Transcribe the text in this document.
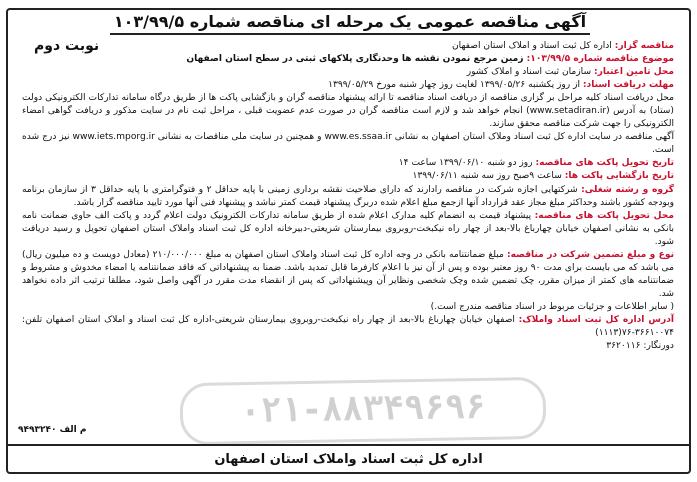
آگهی مناقصه عمومی یک مرحله ای مناقصه شماره ۱۰۳/۹۹/۵
نوبت دوم
۰۲۱-۸۸۳۴۹۶۹۶

مناقصه گزار: اداره کل ثبت اسناد و املاک استان اصفهان

موضوع مناقصه شماره ۱۰۳/۹۹/۵: زمین مرجع نمودن نقشه ها وحدنگاری پلاکهای ثبتی در سطح استان اصفهان

محل تامین اعتبار: سازمان ثبت اسناد و املاک کشور

مهلت دریافت اسناد: از روز یکشنبه ۱۳۹۹/۰۵/۲۶ لغایت روز چهار شنبه مورخ ۱۳۹۹/۰۵/۲۹

محل دریافت اسناد کلیه مراحل بر گزاری مناقصه از دریافت اسناد مناقصه تا ارائه پیشنهاد مناقصه گران و بازگشایی پاکت ها از طریق درگاه سامانه تدارکات الکترونیکی دولت (ستاد) به آدرس (www.setadiran.ir) انجام خواهد شد و لازم است مناقصه گران در صورت عدم عضویت قبلی ، مراحل ثبت نام در سایت مذکور و دریافت گواهی امضاء الکترونیکی را جهت شرکت مناقصه محقق سازند.

آگهی مناقصه در سایت اداره کل ثبت اسناد وملاک استان اصفهان به نشانی www.es.ssaa.ir و همچنین در سایت ملی مناقصات به نشانی www.iets.mporg.ir نیز درج شده است.

تاریخ تحویل پاکت های مناقصه: روز دو شنبه ۱۳۹۹/۰۶/۱۰ ساعت ۱۴

تاریخ بازگشایی پاکت ها: ساعت ۹صبح روز سه شنبه ۱۳۹۹/۰۶/۱۱

گروه و رشته شغلی: شرکتهایی اجازه شرکت در مناقصه رادارند که دارای صلاحیت نقشه برداری زمینی با پایه حداقل ۲ و فتوگرامتری با پایه حداقل ۳ از سازمان برنامه وبودجه کشور باشند وحداکثر مبلغ مجاز عقد قرارداد آنها ازجمع مبلغ اعلام شده دربرگ پیشنهاد قیمت کمتر نباشد و پیشنهاد فنی آنها مورد تایید مناقصه گزار باشد.

محل تحویل پاکت های مناقصه: پیشنهاد قیمت به انضمام کلیه مدارک اعلام شده از طریق سامانه تدارکات الکترونیک دولت اعلام گردد و پاکت الف حاوی ضمانت نامه بانکی به نشانی اصفهان خیابان چهارباغ بالا-بعد از چهار راه نیکبخت-روبروی بیمارستان شریعتی-دبیرخانه اداره کل ثبت اسناد واملاک استان اصفهان تحویل و رسید دریافت شود.

نوع و مبلغ تضمین شرکت در مناقصه: مبلغ ضمانتنامه بانکی در وجه اداره کل ثبت اسناد واملاک استان اصفهان به مبلغ ۲۱۰/۰۰۰/۰۰۰ (معادل دویست و ده میلیون ریال) می باشد که می بایست برای مدت ۹۰ روز معتبر بوده و پس از آن نیز با اعلام کارفرما قابل تمدید باشد. ضمنا به پیشنهاداتی که فاقد ضمانتنامه یا امضاء مخدوش و مشروط و ضمانتنامه های کمتر از میزان مقرر، چک تضمین شده وچک شخصی ونظایر آن وپیشنهاداتی که پس از انقضاء مدت مقرر در آگهی واصل شود، مطلقا ترتیب اثر داده نخواهد شد.

( سایر اطلاعات و جزئیات مربوط در اسناد مناقصه مندرج است.)

آدرس اداره کل ثبت اسناد واملاک: اصفهان خیابان چهارباغ بالا-بعد از چهار راه نیکبخت-روبروی بیمارستان شریعتی-اداره کل ثبت اسناد و املاک استان اصفهان تلفن: ۳۶۶۱۰۰۷۴-۷۶(۱۱۱۳)

دورنگار: ۳۶۲۰۱۱۶

م الف ۹۴۹۳۲۴۰
اداره کل ثبت اسناد واملاک استان اصفهان
